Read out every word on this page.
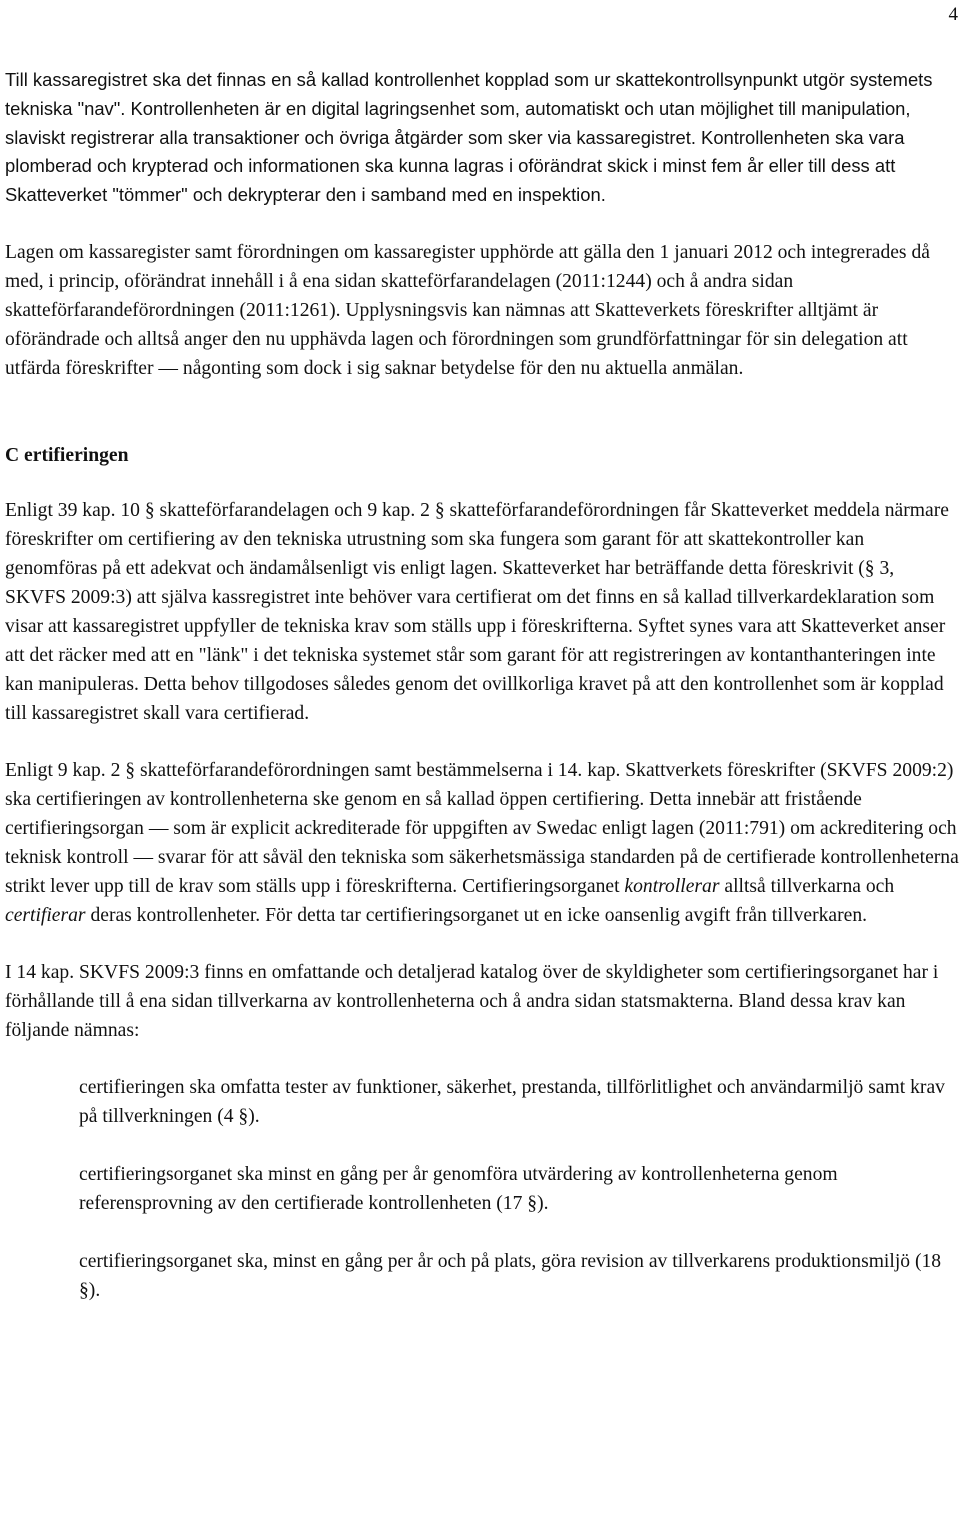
4

Till kassaregistret ska det finnas en så kallad kontrollenhet kopplad som ur skattekontrollsynpunkt utgör systemets tekniska "nav". Kontrollenheten är en digital lagringsenhet som, automatiskt och utan möjlighet till manipulation, slaviskt registrerar alla transaktioner och övriga åtgärder som sker via kassaregistret. Kontrollenheten ska vara plomberad och krypterad och informationen ska kunna lagras i oförändrat skick i minst fem år eller till dess att Skatteverket "tömmer" och dekrypterar den i samband med en inspektion.

Lagen om kassaregister samt förordningen om kassaregister upphörde att gälla den 1 januari 2012 och integrerades då med, i princip, oförändrat innehåll i å ena sidan skatteförfarandelagen (2011:1244) och å andra sidan skatteförfarandeförordningen (2011:1261). Upplysningsvis kan nämnas att Skatteverkets föreskrifter alltjämt är oförändrade och alltså anger den nu upphävda lagen och förordningen som grundförfattningar för sin delegation att utfärda föreskrifter — någonting som dock i sig saknar betydelse för den nu aktuella anmälan.

C ertifieringen

Enligt 39 kap. 10 § skatteförfarandelagen och 9 kap. 2 § skatteförfarandeförordningen får Skatteverket meddela närmare föreskrifter om certifiering av den tekniska utrustning som ska fungera som garant för att skattekontroller kan genomföras på ett adekvat och ändamålsenligt vis enligt lagen. Skatteverket har beträffande detta föreskrivit (§ 3, SKVFS 2009:3) att själva kassregistret inte behöver vara certifierat om det finns en så kallad tillverkardeklaration som visar att kassaregistret uppfyller de tekniska krav som ställs upp i föreskrifterna. Syftet synes vara att Skatteverket anser att det räcker med att en "länk" i det tekniska systemet står som garant för att registreringen av kontanthanteringen inte kan manipuleras. Detta behov tillgodoses således genom det ovillkorliga kravet på att den kontrollenhet som är kopplad till kassaregistret skall vara certifierad.

Enligt 9 kap. 2 § skatteförfarandeförordningen samt bestämmelserna i 14. kap. Skattverkets föreskrifter (SKVFS 2009:2) ska certifieringen av kontrollenheterna ske genom en så kallad öppen certifiering. Detta innebär att fristående certifieringsorgan — som är explicit ackrediterade för uppgiften av Swedac enligt lagen (2011:791) om ackreditering och teknisk kontroll — svarar för att såväl den tekniska som säkerhetsmässiga standarden på de certifierade kontrollenheterna strikt lever upp till de krav som ställs upp i föreskrifterna. Certifieringsorganet kontrollerar alltså tillverkarna och certifierar deras kontrollenheter. För detta tar certifieringsorganet ut en icke oansenlig avgift från tillverkaren.

I 14 kap. SKVFS 2009:3 finns en omfattande och detaljerad katalog över de skyldigheter som certifieringsorganet har i förhållande till å ena sidan tillverkarna av kontrollenheterna och å andra sidan statsmakterna. Bland dessa krav kan följande nämnas:

certifieringen ska omfatta tester av funktioner, säkerhet, prestanda, tillförlitlighet och användarmiljö samt krav på tillverkningen (4 §).

certifieringsorganet ska minst en gång per år genomföra utvärdering av kontrollenheterna genom referensprovning av den certifierade kontrollenheten (17 §).

certifieringsorganet ska, minst en gång per år och på plats, göra revision av tillverkarens produktionsmiljö (18 §).
